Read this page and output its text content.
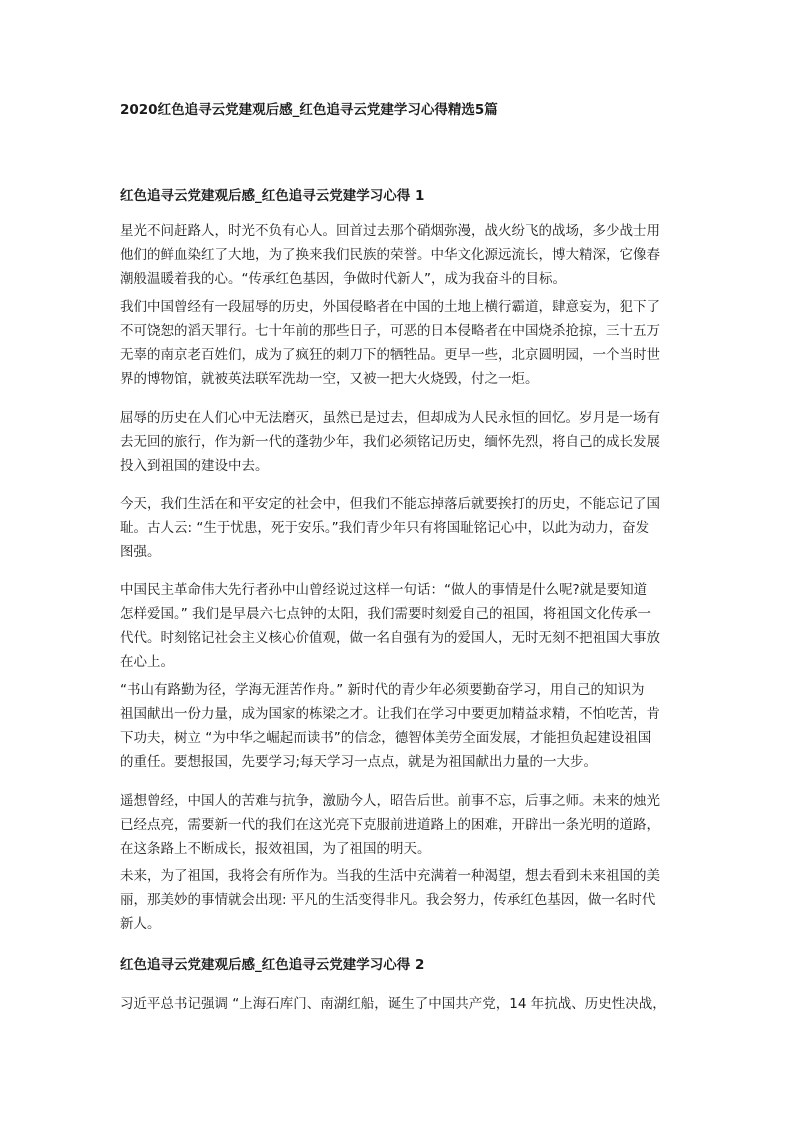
2020红色追寻云党建观后感_红色追寻云党建学习心得精选5篇
红色追寻云党建观后感_红色追寻云党建学习心得 1
星光不问赶路人，时光不负有心人。回首过去那个硝烟弥漫，战火纷飞的战场，多少战士用
他们的鲜血染红了大地，为了换来我们民族的荣誉。中华文化源远流长，博大精深，它像春
潮般温暖着我的心。“传承红色基因，争做时代新人”，成为我奋斗的目标。
我们中国曾经有一段屈辱的历史，外国侵略者在中国的土地上横行霸道，肆意妄为，犯下了
不可饶恕的滔天罪行。七十年前的那些日子，可恶的日本侵略者在中国烧杀抢掠，三十五万
无辜的南京老百姓们，成为了疯狂的刺刀下的牺牲品。更早一些，北京圆明园，一个当时世
界的博物馆，就被英法联军洗劫一空，又被一把大火烧毁，付之一炬。
屈辱的历史在人们心中无法磨灭，虽然已是过去，但却成为人民永恒的回忆。岁月是一场有
去无回的旅行，作为新一代的蓬勃少年，我们必须铭记历史，缅怀先烈，将自己的成长发展
投入到祖国的建设中去。
今天，我们生活在和平安定的社会中，但我们不能忘掉落后就要挨打的历史，不能忘记了国
耻。古人云: “生于忧患，死于安乐。”我们青少年只有将国耻铭记心中，以此为动力，奋发
图强。
中国民主革命伟大先行者孙中山曾经说过这样一句话：“做人的事情是什么呢?就是要知道
怎样爱国。” 我们是早晨六七点钟的太阳，我们需要时刻爱自己的祖国，将祖国文化传承一
代代。时刻铭记社会主义核心价值观，做一名自强有为的爱国人，无时无刻不把祖国大事放
在心上。
“书山有路勤为径，学海无涯苦作舟。” 新时代的青少年必须要勤奋学习，用自己的知识为
祖国献出一份力量，成为国家的栋梁之才。让我们在学习中要更加精益求精，不怕吃苦，肯
下功夫，树立 “为中华之崛起而读书”的信念，德智体美劳全面发展，才能担负起建设祖国
的重任。要想报国，先要学习;每天学习一点点，就是为祖国献出力量的一大步。
遥想曾经，中国人的苦难与抗争，激励今人，昭告后世。前事不忘，后事之师。未来的烛光
已经点亮，需要新一代的我们在这光亮下克服前进道路上的困难，开辟出一条光明的道路，
在这条路上不断成长，报效祖国，为了祖国的明天。
未来，为了祖国，我将会有所作为。当我的生活中充满着一种渴望，想去看到未来祖国的美
丽，那美妙的事情就会出现: 平凡的生活变得非凡。我会努力，传承红色基因，做一名时代
新人。
红色追寻云党建观后感_红色追寻云党建学习心得 2
习近平总书记强调 “上海石库门、南湖红船，诞生了中国共产党，14 年抗战、历史性决战，
